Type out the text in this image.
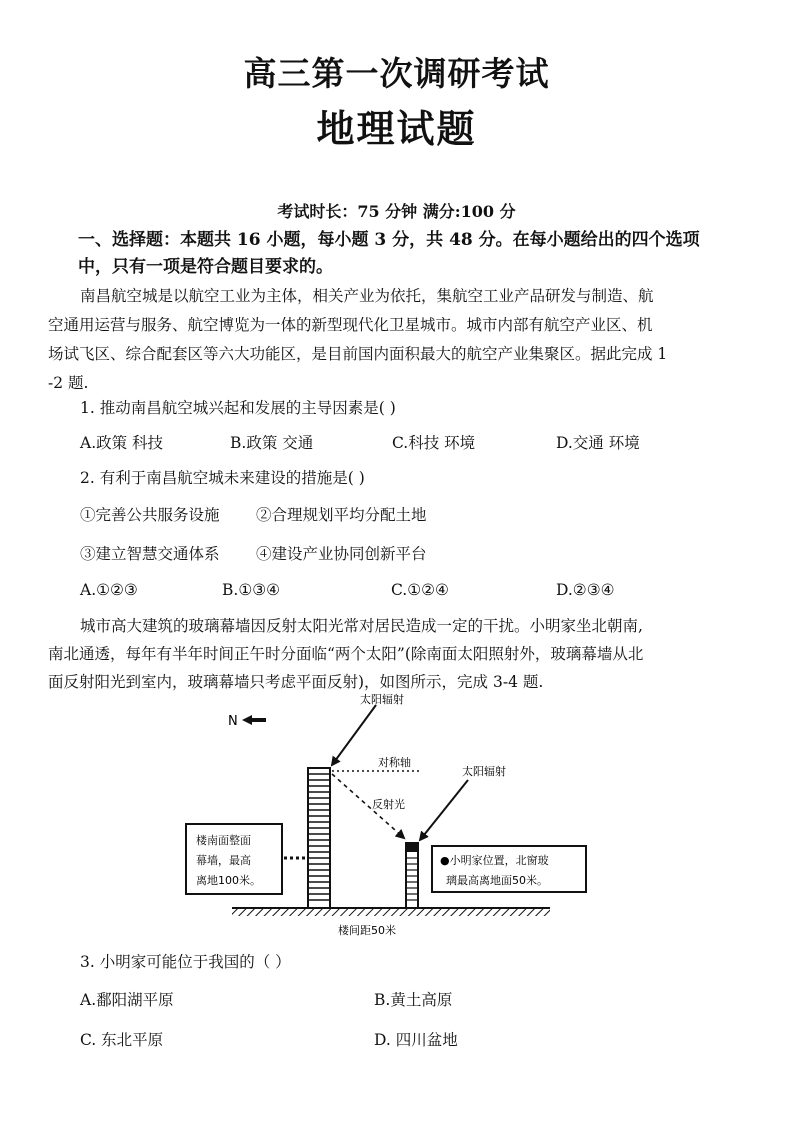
高三第一次调研考试
地理试题
考试时长：75 分钟 满分:100 分
一、选择题：本题共 16 小题，每小题 3 分，共 48 分。在每小题给出的四个选项
中，只有一项是符合题目要求的。
南昌航空城是以航空工业为主体，相关产业为依托，集航空工业产品研发与制造、航
空通用运营与服务、航空博览为一体的新型现代化卫星城市。城市内部有航空产业区、机
场试飞区、综合配套区等六大功能区，是目前国内面积最大的航空产业集聚区。据此完成 1
-2 题.
1. 推动南昌航空城兴起和发展的主导因素是( )
A.政策 科技	B.政策 交通	C.科技 环境	D.交通 环境
2. 有利于南昌航空城未来建设的措施是( )
①完善公共服务设施 ②合理规划平均分配土地
③建立智慧交通体系 ④建设产业协同创新平台
A.①②③	B.①③④	C.①②④	D.②③④
城市高大建筑的玻璃幕墙因反射太阳光常对居民造成一定的干扰。小明家坐北朝南,
南北通透，每年有半年时间正午时分面临“两个太阳”(除南面太阳照射外，玻璃幕墙从北
面反射阳光到室内，玻璃幕墙只考虑平面反射)，如图所示，完成 3-4 题.
N
太阳辐射
对称轴
反射光
太阳辐射
楼南面整面
幕墙，最高
离地100米。
●小明家位置，北窗玻
璃最高离地面50米。
楼间距50米
3. 小明家可能位于我国的（ ）
A.鄱阳湖平原	B.黄土高原
C. 东北平原	D. 四川盆地
